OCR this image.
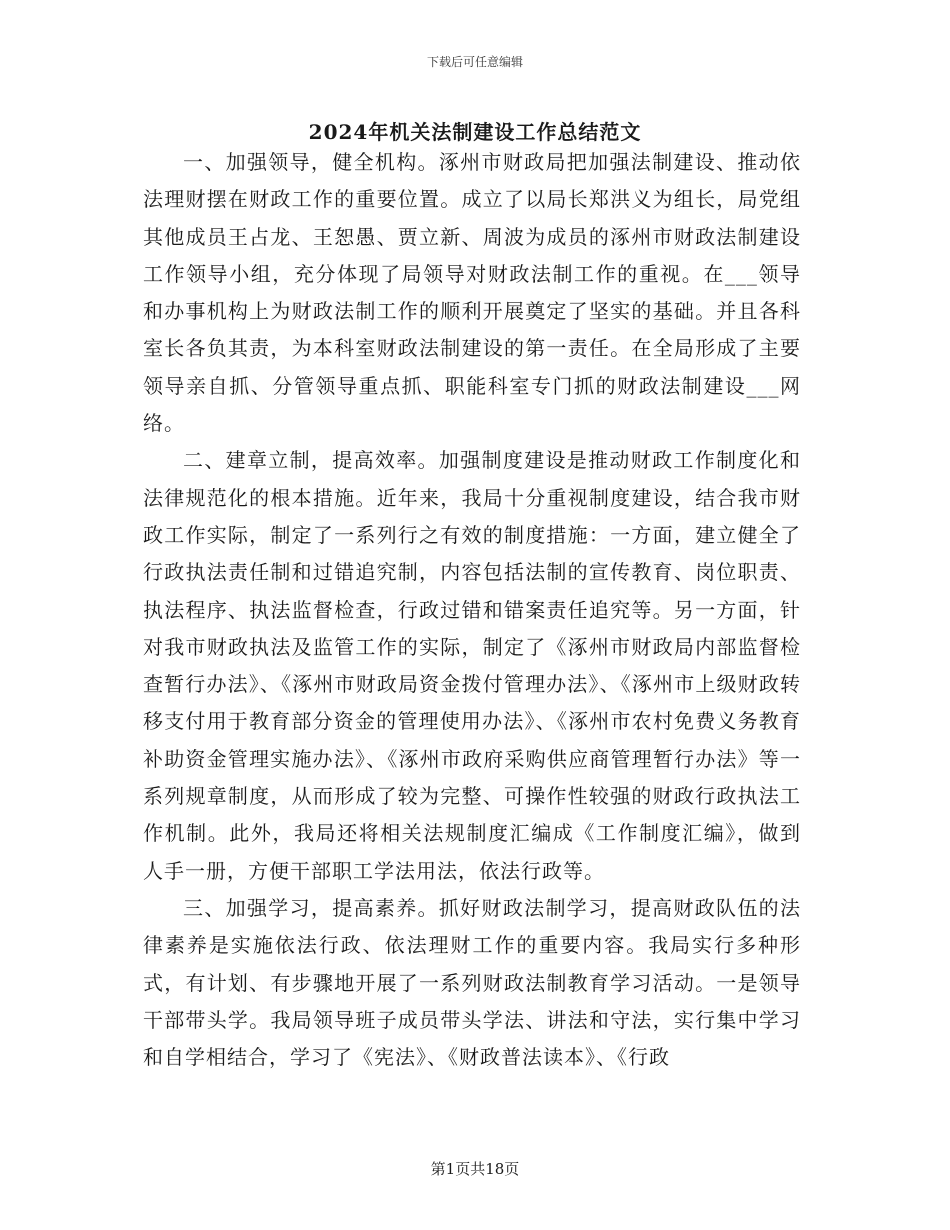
下载后可任意编辑
2024年机关法制建设工作总结范文

一、加强领导，健全机构。涿州市财政局把加强法制建设、推动依法理财摆在财政工作的重要位置。成立了以局长郑洪义为组长，局党组其他成员王占龙、王恕愚、贾立新、周波为成员的涿州市财政法制建设工作领导小组，充分体现了局领导对财政法制工作的重视。在___领导和办事机构上为财政法制工作的顺利开展奠定了坚实的基础。并且各科室长各负其责，为本科室财政法制建设的第一责任。在全局形成了主要领导亲自抓、分管领导重点抓、职能科室专门抓的财政法制建设___网络。

二、建章立制，提高效率。加强制度建设是推动财政工作制度化和法律规范化的根本措施。近年来，我局十分重视制度建设，结合我市财政工作实际，制定了一系列行之有效的制度措施：一方面，建立健全了行政执法责任制和过错追究制，内容包括法制的宣传教育、岗位职责、执法程序、执法监督检查，行政过错和错案责任追究等。另一方面，针对我市财政执法及监管工作的实际，制定了《涿州市财政局内部监督检查暂行办法》、《涿州市财政局资金拨付管理办法》、《涿州市上级财政转移支付用于教育部分资金的管理使用办法》、《涿州市农村免费义务教育补助资金管理实施办法》、《涿州市政府采购供应商管理暂行办法》等一系列规章制度，从而形成了较为完整、可操作性较强的财政行政执法工作机制。此外，我局还将相关法规制度汇编成《工作制度汇编》，做到人手一册，方便干部职工学法用法，依法行政等。

三、加强学习，提高素养。抓好财政法制学习，提高财政队伍的法律素养是实施依法行政、依法理财工作的重要内容。我局实行多种形式，有计划、有步骤地开展了一系列财政法制教育学习活动。一是领导干部带头学。我局领导班子成员带头学法、讲法和守法，实行集中学习和自学相结合，学习了《宪法》、《财政普法读本》、《行政

第1页共18页
